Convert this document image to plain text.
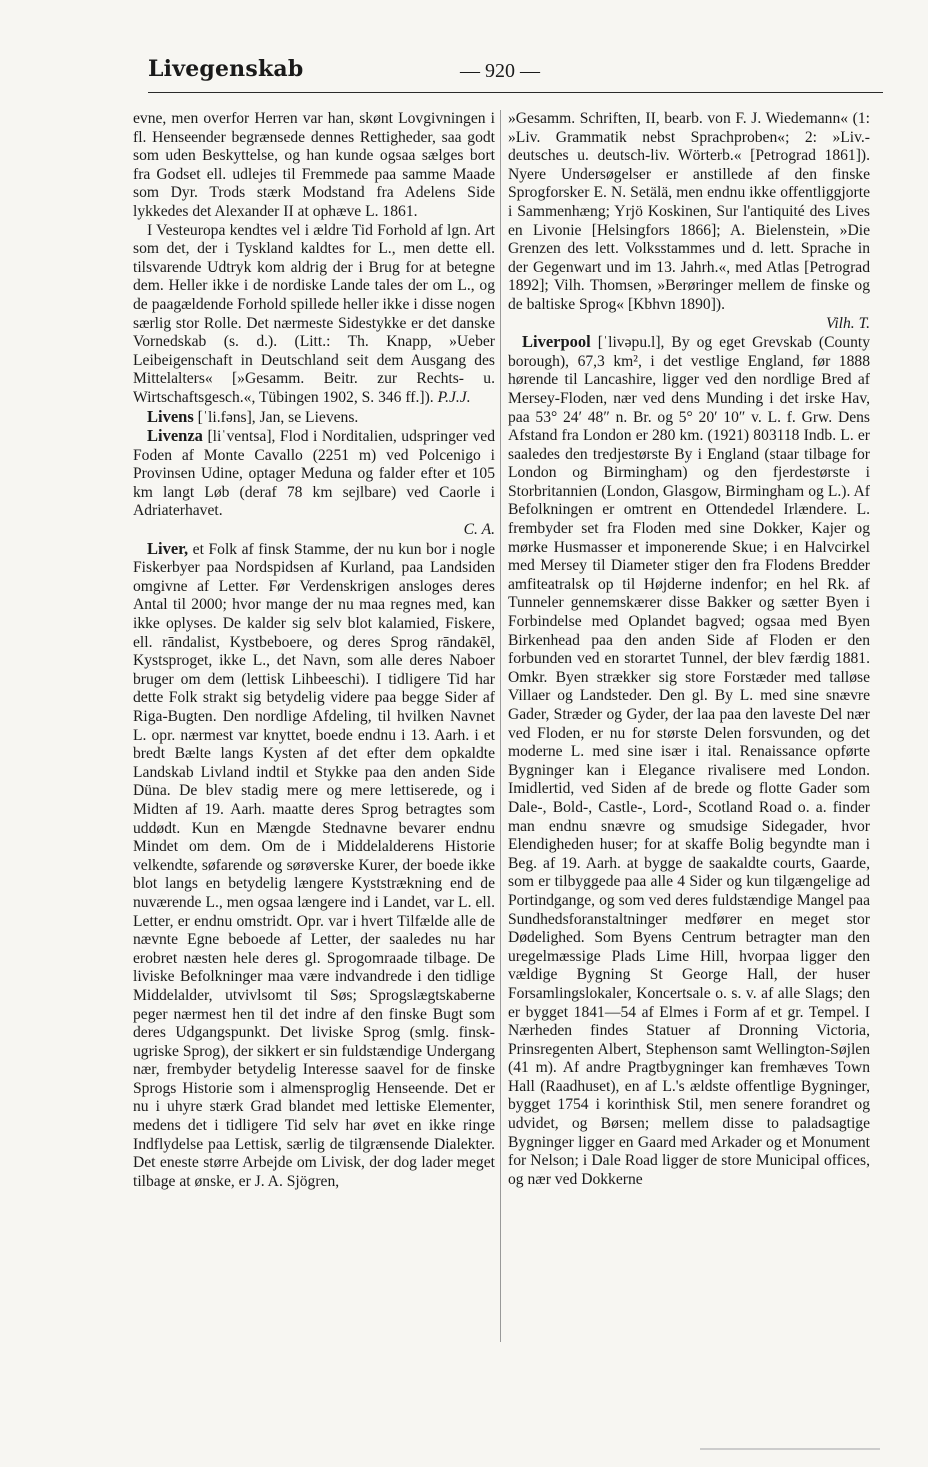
Livegenskab	— 920 —

evne, men overfor Herren var han, skønt Lovgivningen i fl. Henseender begrænsede dennes Rettigheder, saa godt som uden Beskyttelse, og han kunde ogsaa sælges bort fra Godset ell. udlejes til Fremmede paa samme Maade som Dyr. Trods stærk Modstand fra Adelens Side lykkedes det Alexander II at ophæve L. 1861.

I Vesteuropa kendtes vel i ældre Tid Forhold af lgn. Art som det, der i Tyskland kaldtes for L., men dette ell. tilsvarende Udtryk kom aldrig der i Brug for at betegne dem. Heller ikke i de nordiske Lande tales der om L., og de paagældende Forhold spillede heller ikke i disse nogen særlig stor Rolle. Det nærmeste Sidestykke er det danske Vornedskab (s. d.). (Litt.: Th. Knapp, »Ueber Leibeigenschaft in Deutschland seit dem Ausgang des Mittelalters« [»Gesamm. Beitr. zur Rechts- u. Wirtschaftsgesch.«, Tübingen 1902, S. 346 ff.]). P.J.J.

Livens [ˈli.fəns], Jan, se Lievens.

Livenza [liˈventsa], Flod i Norditalien, udspringer ved Foden af Monte Cavallo (2251 m) ved Polcenigo i Provinsen Udine, optager Meduna og falder efter et 105 km langt Løb (deraf 78 km sejlbare) ved Caorle i Adriaterhavet.
C. A.

Liver, et Folk af finsk Stamme, der nu kun bor i nogle Fiskerbyer paa Nordspidsen af Kurland, paa Landsiden omgivne af Letter. Før Verdenskrigen ansloges deres Antal til 2000; hvor mange der nu maa regnes med, kan ikke oplyses. De kalder sig selv blot kalamied, Fiskere, ell. rāndalist, Kystbeboere, og deres Sprog rāndakēl, Kystsproget, ikke L., det Navn, som alle deres Naboer bruger om dem (lettisk Lihbeeschi). I tidligere Tid har dette Folk strakt sig betydelig videre paa begge Sider af Riga-Bugten. Den nordlige Afdeling, til hvilken Navnet L. opr. nærmest var knyttet, boede endnu i 13. Aarh. i et bredt Bælte langs Kysten af det efter dem opkaldte Landskab Livland indtil et Stykke paa den anden Side Düna. De blev stadig mere og mere lettiserede, og i Midten af 19. Aarh. maatte deres Sprog betragtes som uddødt. Kun en Mængde Stednavne bevarer endnu Mindet om dem. Om de i Middelalderens Historie velkendte, søfarende og sørøverske Kurer, der boede ikke blot langs en betydelig længere Kyststrækning end de nuværende L., men ogsaa længere ind i Landet, var L. ell. Letter, er endnu omstridt. Opr. var i hvert Tilfælde alle de nævnte Egne beboede af Letter, der saaledes nu har erobret næsten hele deres gl. Sprogomraade tilbage. De liviske Befolkninger maa være indvandrede i den tidlige Middelalder, utvivlsomt til Søs; Sprogslægtskaberne peger nærmest hen til det indre af den finske Bugt som deres Udgangspunkt. Det liviske Sprog (smlg. finsk-ugriske Sprog), der sikkert er sin fuldstændige Undergang nær, frembyder betydelig Interesse saavel for de finske Sprogs Historie som i almensproglig Henseende. Det er nu i uhyre stærk Grad blandet med lettiske Elementer, medens det i tidligere Tid selv har øvet en ikke ringe Indflydelse paa Lettisk, særlig de tilgrænsende Dialekter. Det eneste større Arbejde om Livisk, der dog lader meget tilbage at ønske, er J. A. Sjögren,

»Gesamm. Schriften, II, bearb. von F. J. Wiedemann« (1: »Liv. Grammatik nebst Sprachproben«; 2: »Liv.-deutsches u. deutsch-liv. Wörterb.« [Petrograd 1861]). Nyere Undersøgelser er anstillede af den finske Sprogforsker E. N. Setälä, men endnu ikke offentliggjorte i Sammenhæng; Yrjö Koskinen, Sur l'antiquité des Lives en Livonie [Helsingfors 1866]; A. Bielenstein, »Die Grenzen des lett. Volksstammes und d. lett. Sprache in der Gegenwart und im 13. Jahrh.«, med Atlas [Petrograd 1892]; Vilh. Thomsen, »Berøringer mellem de finske og de baltiske Sprog« [Kbhvn 1890]).

Vilh. T.

Liverpool [ˈlivəpu.l], By og eget Grevskab (County borough), 67,3 km², i det vestlige England, før 1888 hørende til Lancashire, ligger ved den nordlige Bred af Mersey-Floden, nær ved dens Munding i det irske Hav, paa 53° 24′ 48″ n. Br. og 5° 20′ 10″ v. L. f. Grw. Dens Afstand fra London er 280 km. (1921) 803118 Indb. L. er saaledes den tredjestørste By i England (staar tilbage for London og Birmingham) og den fjerdestørste i Storbritannien (London, Glasgow, Birmingham og L.). Af Befolkningen er omtrent en Ottendedel Irlændere. L. frembyder set fra Floden med sine Dokker, Kajer og mørke Husmasser et imponerende Skue; i en Halvcirkel med Mersey til Diameter stiger den fra Flodens Bredder amfiteatralsk op til Højderne indenfor; en hel Rk. af Tunneler gennemskærer disse Bakker og sætter Byen i Forbindelse med Oplandet bagved; ogsaa med Byen Birkenhead paa den anden Side af Floden er den forbunden ved en storartet Tunnel, der blev færdig 1881. Omkr. Byen strækker sig store Forstæder med talløse Villaer og Landsteder. Den gl. By L. med sine snævre Gader, Stræder og Gyder, der laa paa den laveste Del nær ved Floden, er nu for største Delen forsvunden, og det moderne L. med sine især i ital. Renaissance opførte Bygninger kan i Elegance rivalisere med London. Imidlertid, ved Siden af de brede og flotte Gader som Dale-, Bold-, Castle-, Lord-, Scotland Road o. a. finder man endnu snævre og smudsige Sidegader, hvor Elendigheden huser; for at skaffe Bolig begyndte man i Beg. af 19. Aarh. at bygge de saakaldte courts, Gaarde, som er tilbyggede paa alle 4 Sider og kun tilgængelige ad Portindgange, og som ved deres fuldstændige Mangel paa Sundhedsforanstaltninger medfører en meget stor Dødelighed. Som Byens Centrum betragter man den uregelmæssige Plads Lime Hill, hvorpaa ligger den vældige Bygning St George Hall, der huser Forsamlingslokaler, Koncertsale o. s. v. af alle Slags; den er bygget 1841—54 af Elmes i Form af et gr. Tempel. I Nærheden findes Statuer af Dronning Victoria, Prinsregenten Albert, Stephenson samt Wellington-Søjlen (41 m). Af andre Pragtbygninger kan fremhæves Town Hall (Raadhuset), en af L.'s ældste offentlige Bygninger, bygget 1754 i korinthisk Stil, men senere forandret og udvidet, og Børsen; mellem disse to paladsagtige Bygninger ligger en Gaard med Arkader og et Monument for Nelson; i Dale Road ligger de store Municipal offices, og nær ved Dokkerne
